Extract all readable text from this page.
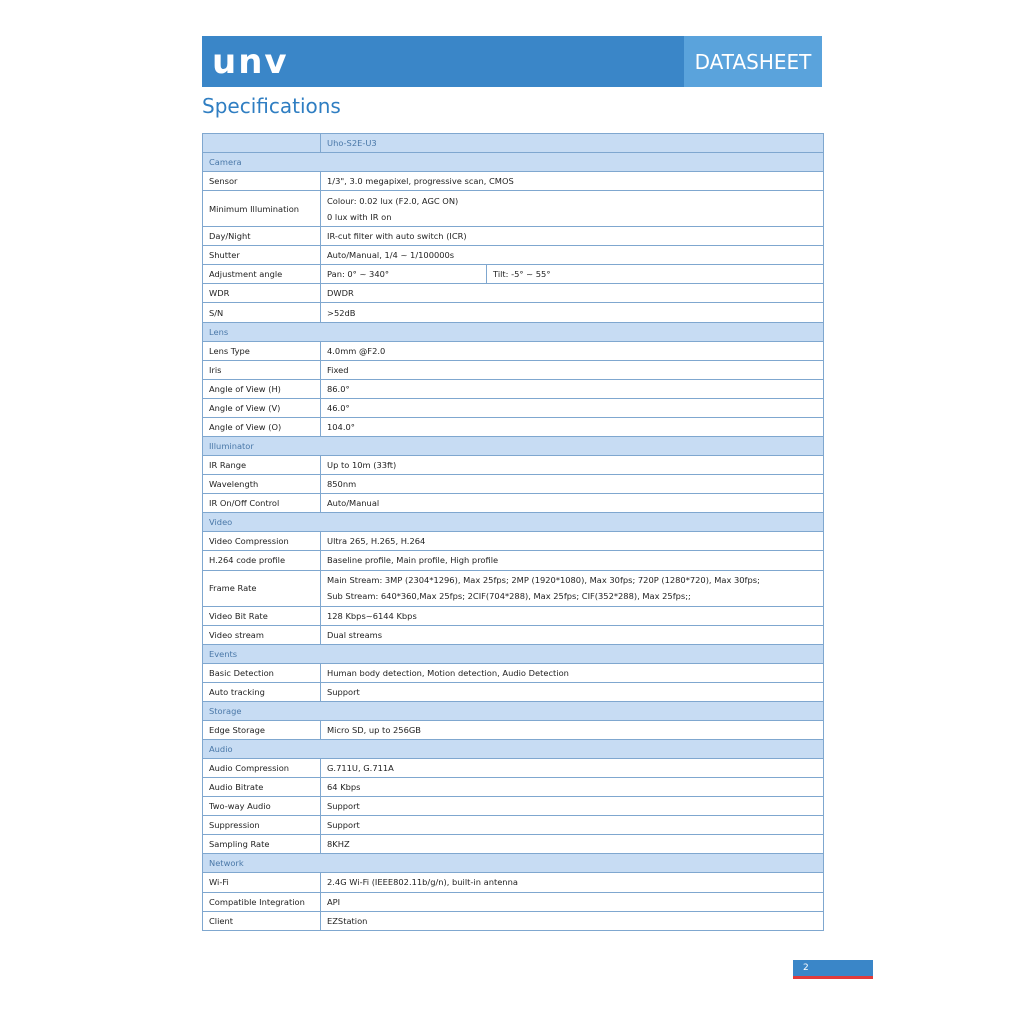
unv	DATASHEET
Specifications
	Uho-S2E-U3	
Camera		
Sensor	1/3", 3.0 megapixel, progressive scan, CMOS	
Minimum Illumination	Colour: 0.02 lux (F2.0, AGC ON)
0 lux with IR on	

Day/Night	IR-cut filter with auto switch (ICR)	
Shutter	Auto/Manual, 1/4 ~ 1/100000s	
Adjustment angle	Pan: 0° ~ 340°	Tilt: -5° ~ 55°
WDR	DWDR	
S/N	>52dB	
Lens		
Lens Type	4.0mm @F2.0	
Iris	Fixed	
Angle of View (H)	86.0°	
Angle of View (V)	46.0°	
Angle of View (O)	104.0°	
Illuminator		
IR Range	Up to 10m (33ft)	
Wavelength	850nm	
IR On/Off Control	Auto/Manual	
Video		
Video Compression	Ultra 265, H.265, H.264	
H.264 code profile	Baseline profile, Main profile, High profile	
Frame Rate	Main Stream: 3MP (2304*1296), Max 25fps; 2MP (1920*1080), Max 30fps; 720P (1280*720), Max 30fps;
Sub Stream: 640*360,Max 25fps; 2CIF(704*288), Max 25fps; CIF(352*288), Max 25fps;;	

Video Bit Rate	128 Kbps~6144 Kbps	
Video stream	Dual streams	
Events		
Basic Detection	Human body detection, Motion detection, Audio Detection	
Auto tracking	Support	
Storage		
Edge Storage	Micro SD, up to 256GB	
Audio		
Audio Compression	G.711U, G.711A	
Audio Bitrate	64 Kbps	
Two-way Audio	Support	
Suppression	Support	
Sampling Rate	8KHZ	
Network		
Wi-Fi	2.4G Wi-Fi (IEEE802.11b/g/n), built-in antenna	
Compatible Integration	API	
Client	EZStation	
2
